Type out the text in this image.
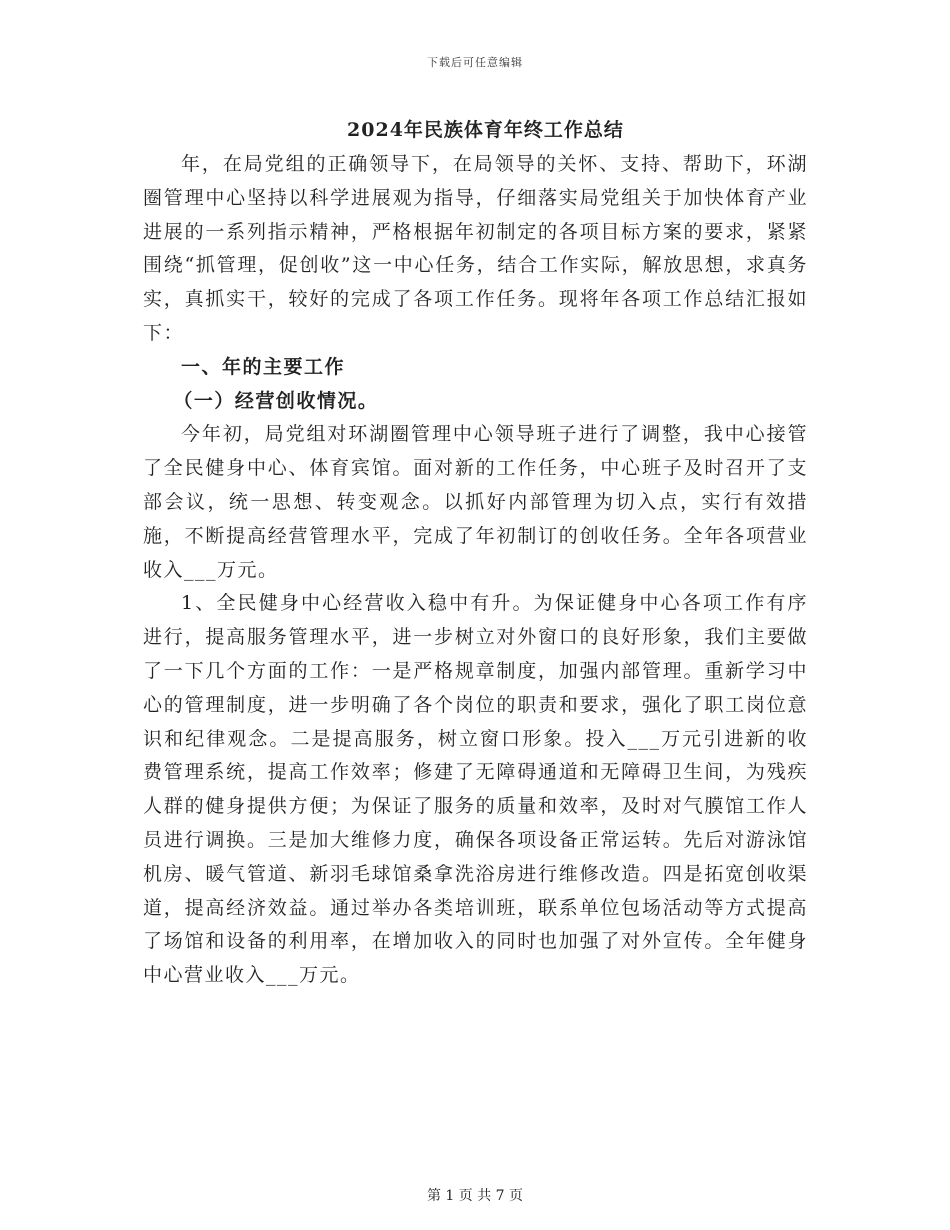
下载后可任意编辑
2024年民族体育年终工作总结

年，在局党组的正确领导下，在局领导的关怀、支持、帮助下，环湖圈管理中心坚持以科学进展观为指导，仔细落实局党组关于加快体育产业进展的一系列指示精神，严格根据年初制定的各项目标方案的要求，紧紧围绕“抓管理，促创收”这一中心任务，结合工作实际，解放思想，求真务实，真抓实干，较好的完成了各项工作任务。现将年各项工作总结汇报如下：

一、年的主要工作

（一）经营创收情况。

今年初，局党组对环湖圈管理中心领导班子进行了调整，我中心接管了全民健身中心、体育宾馆。面对新的工作任务，中心班子及时召开了支部会议，统一思想、转变观念。以抓好内部管理为切入点，实行有效措施，不断提高经营管理水平，完成了年初制订的创收任务。全年各项营业收入___万元。

1、全民健身中心经营收入稳中有升。为保证健身中心各项工作有序进行，提高服务管理水平，进一步树立对外窗口的良好形象，我们主要做了一下几个方面的工作：一是严格规章制度，加强内部管理。重新学习中心的管理制度，进一步明确了各个岗位的职责和要求，强化了职工岗位意识和纪律观念。二是提高服务，树立窗口形象。投入___万元引进新的收费管理系统，提高工作效率；修建了无障碍通道和无障碍卫生间，为残疾人群的健身提供方便；为保证了服务的质量和效率，及时对气膜馆工作人员进行调换。三是加大维修力度，确保各项设备正常运转。先后对游泳馆机房、暖气管道、新羽毛球馆桑拿洗浴房进行维修改造。四是拓宽创收渠道，提高经济效益。通过举办各类培训班，联系单位包场活动等方式提高了场馆和设备的利用率，在增加收入的同时也加强了对外宣传。全年健身中心营业收入___万元。

第 1 页 共 7 页
